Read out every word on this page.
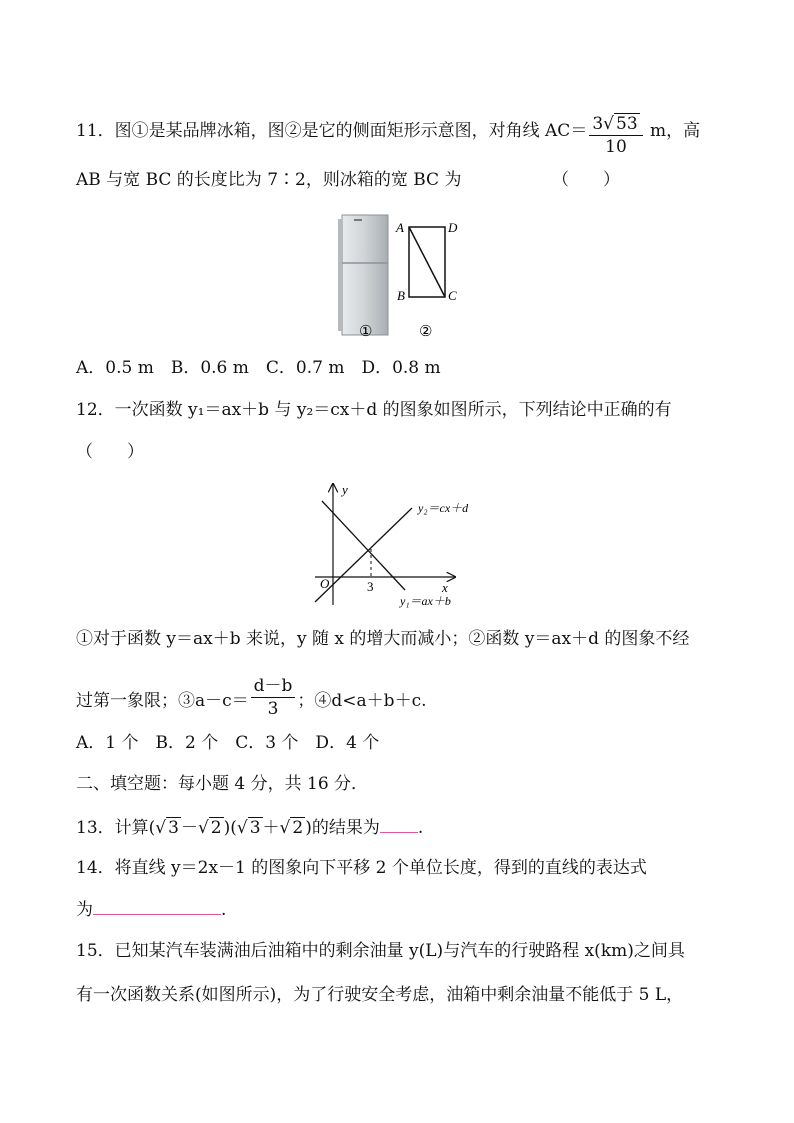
11．图①是某品牌冰箱，图②是它的侧面矩形示意图，对角线 $AC= \frac{3√ 53}{10}$ m，高
AB 与宽 BC 的长度比为 7∶2，则冰箱的宽 BC 为	（　　）
A	D
B	C
①	②
A．0.5 m　B．0.6 m　C．0.7 m　D．0.8 m
12．一次函数 y₁＝ax＋b 与 y₂＝cx＋d 的图象如图所示，下列结论中正确的有
（　　）
y
x
O	3
y₂＝cx＋d
y₁＝ax＋b
①对于函数 y＝ax＋b 来说，y 随 x 的增大而减小；②函数 y＝ax＋d 的图象不经
过第一象限；③a－c＝ $\frac{d-b}{3}$ ；④d<a＋b＋c.
A．1 个　B．2 个　C．3 个　D．4 个
二、填空题：每小题 4 分，共 16 分．
13．计算(√ 3 －√ 2 )(√ 3 ＋√ 2 )的结果为 .
14．将直线 y＝2x－1 的图象向下平移 2 个单位长度，得到的直线的表达式
为	.
15．已知某汽车装满油后油箱中的剩余油量 y(L)与汽车的行驶路程 x(km)之间具
有一次函数关系(如图所示)，为了行驶安全考虑，油箱中剩余油量不能低于 5 L，
